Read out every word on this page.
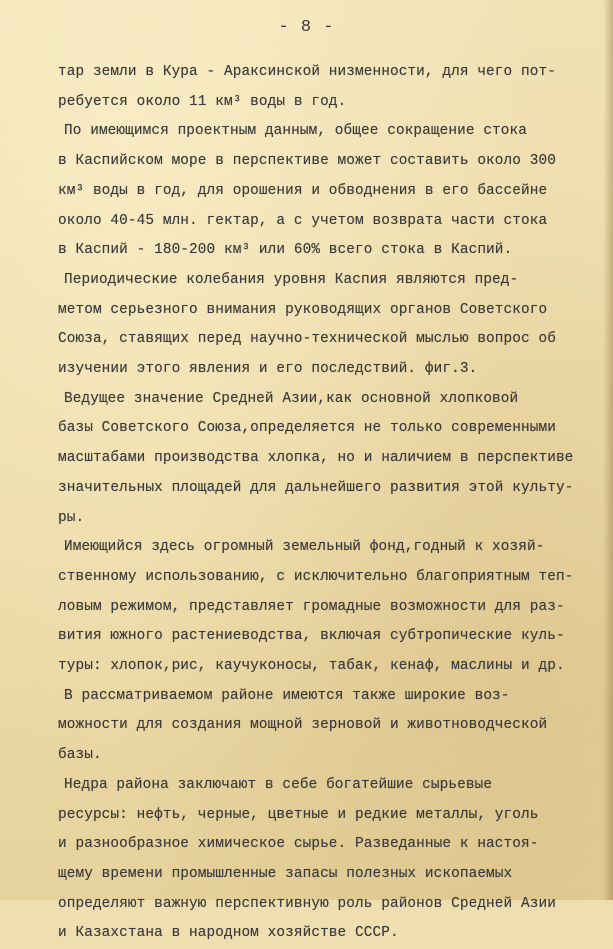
- 8 -
тар земли в Кура - Араксинской низменности, для чего пот-
ребуется около 11 км³ воды в год.
По имеющимся проектным данным, общее сокращение стока
в Каспийском море в перспективе может составить около 300
км³ воды в год, для орошения и обводнения в его бассейне
около 40-45 млн. гектар, а с учетом возврата части стока
в Каспий - 180-200 км³ или 60% всего стока в Каспий.
Периодические колебания уровня Каспия являются пред-
метом серьезного внимания руководящих органов Советского
Союза, ставящих перед научно-технической мыслью вопрос об
изучении этого явления и его последствий. фиг.3.
Ведущее значение Средней Азии,как основной хлопковой
базы Советского Союза,определяется не только современными
масштабами производства хлопка, но и наличием в перспективе
значительных площадей для дальнейшего развития этой культу-
ры.
Имеющийся здесь огромный земельный фонд,годный к хозяй-
ственному использованию, с исключительно благоприятным теп-
ловым режимом, представляет громадные возможности для раз-
вития южного растениеводства, включая субтропические куль-
туры: хлопок,рис, каучуконосы, табак, кенаф, маслины и др.
В рассматриваемом районе имеются также широкие воз-
можности для создания мощной зерновой и животноводческой
базы.
Недра района заключают в себе богатейшие сырьевые
ресурсы: нефть, черные, цветные и редкие металлы, уголь
и разнообразное химическое сырье. Разведанные к настоя-
щему времени промышленные запасы полезных ископаемых
определяют важную перспективную роль районов Средней Азии
и Казахстана в народном хозяйстве СССР.
